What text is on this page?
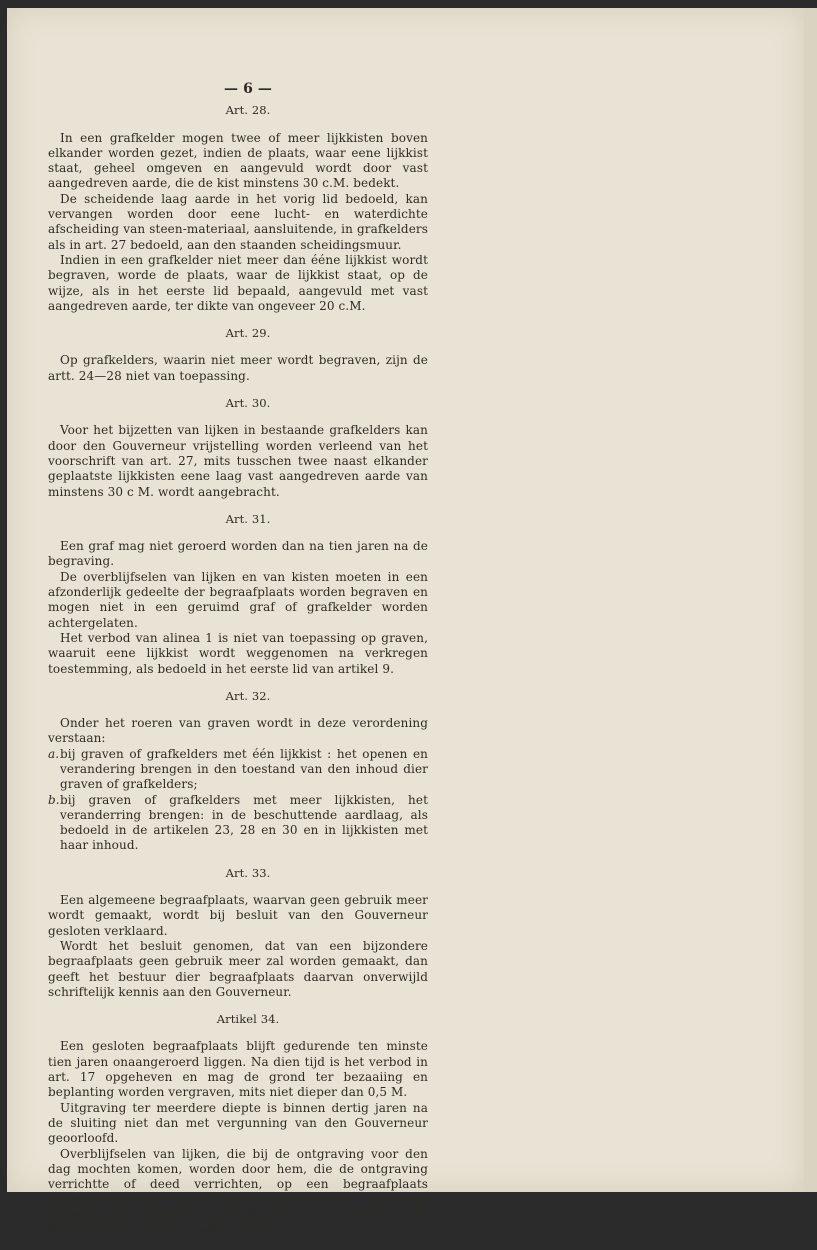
— 6 —
Art. 28.

In een grafkelder mogen twee of meer lijkkisten boven elkander worden gezet, indien de plaats, waar eene lijkkist staat, geheel omgeven en aangevuld wordt door vast aangedreven aarde, die de kist minstens 30 c.M. bedekt.

De scheidende laag aarde in het vorig lid bedoeld, kan vervangen worden door eene lucht- en waterdichte afscheiding van steen-materiaal, aansluitende, in grafkelders als in art. 27 bedoeld, aan den staanden scheidingsmuur.

Indien in een grafkelder niet meer dan ééne lijkkist wordt begraven, worde de plaats, waar de lijkkist staat, op de wijze, als in het eerste lid bepaald, aangevuld met vast aangedreven aarde, ter dikte van ongeveer 20 c.M.

Art. 29.

Op grafkelders, waarin niet meer wordt begraven, zijn de artt. 24—28 niet van toepassing.

Art. 30.

Voor het bijzetten van lijken in bestaande grafkelders kan door den Gouverneur vrijstelling worden verleend van het voorschrift van art. 27, mits tusschen twee naast elkander geplaatste lijkkisten eene laag vast aangedreven aarde van minstens 30 c M. wordt aangebracht.

Art. 31.

Een graf mag niet geroerd worden dan na tien jaren na de begraving.

De overblijfselen van lijken en van kisten moeten in een afzonderlijk gedeelte der begraafplaats worden begraven en mogen niet in een geruimd graf of grafkelder worden achtergelaten.

Het verbod van alinea 1 is niet van toepassing op graven, waaruit eene lijkkist wordt weggenomen na verkregen toestemming, als bedoeld in het eerste lid van artikel 9.

Art. 32.

Onder het roeren van graven wordt in deze verordening verstaan:

a. bij graven of grafkelders met één lijkkist : het openen en verandering brengen in den toestand van den inhoud dier graven of grafkelders;
b. bij graven of grafkelders met meer lijkkisten, het veranderring brengen: in de beschuttende aardlaag, als bedoeld in de artikelen 23, 28 en 30 en in lijkkisten met haar inhoud.
Art. 33.

Een algemeene begraafplaats, waarvan geen gebruik meer wordt gemaakt, wordt bij besluit van den Gouverneur gesloten verklaard.

Wordt het besluit genomen, dat van een bijzondere begraafplaats geen gebruik meer zal worden gemaakt, dan geeft het bestuur dier begraafplaats daarvan onverwijld schriftelijk kennis aan den Gouverneur.

Artikel 34.

Een gesloten begraafplaats blijft gedurende ten minste tien jaren onaangeroerd liggen. Na dien tijd is het verbod in art. 17 opgeheven en mag de grond ter bezaaiing en beplanting worden vergraven, mits niet dieper dan 0,5 M.

Uitgraving ter meerdere diepte is binnen dertig jaren na de sluiting niet dan met vergunning van den Gouverneur geoorloofd.

Overblijfselen van lijken, die bij de ontgraving voor den dag mochten komen, worden door hem, die de ontgraving verrichtte of deed verrichten, op een begraafplaats begraven. Daartoe wordt den eigenaar eener zoodanige begraafplaats kosteloos de gelegenheid verstrekt op een door het Bestuur aan te wijzen plaats.
